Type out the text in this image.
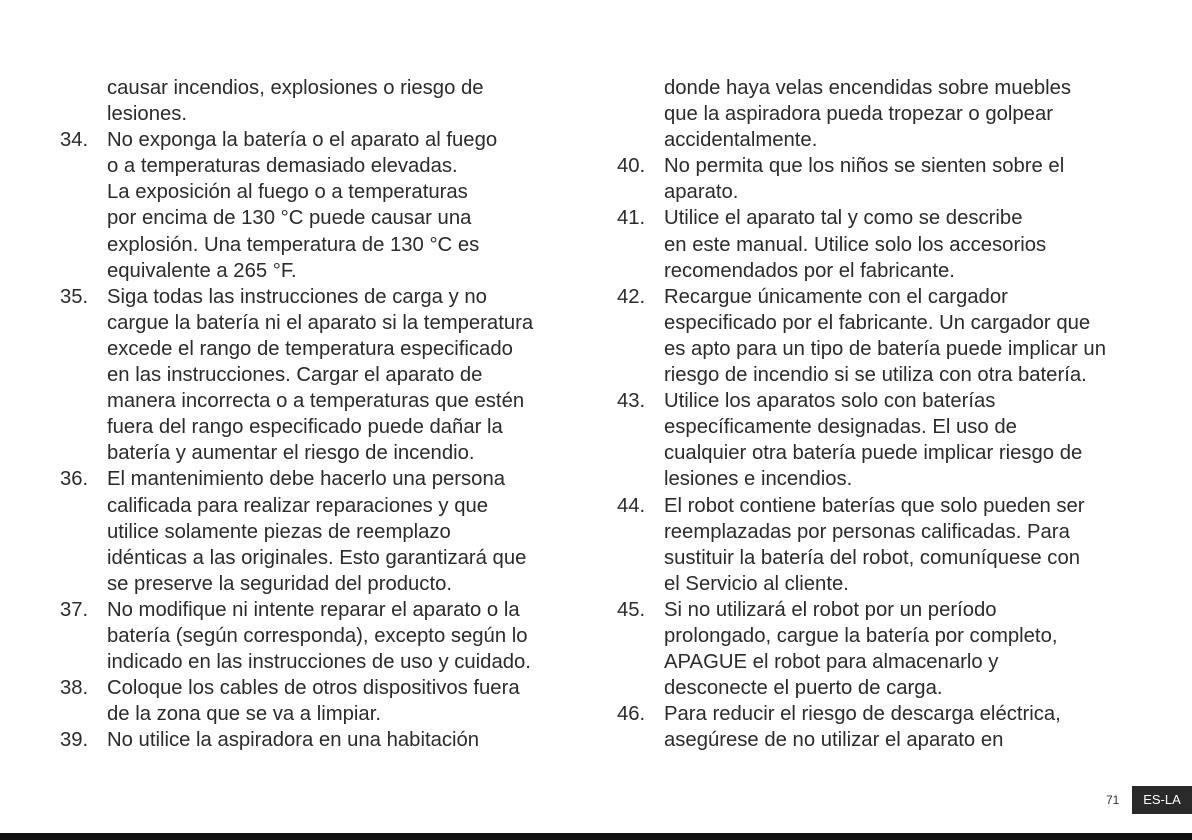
causar incendios, explosiones o riesgo de
lesiones.
34. No exponga la batería o el aparato al fuego
o a temperaturas demasiado elevadas.
La exposición al fuego o a temperaturas
por encima de 130 °C puede causar una
explosión. Una temperatura de 130 °C es
equivalente a 265 °F.
35. Siga todas las instrucciones de carga y no
cargue la batería ni el aparato si la temperatura
excede el rango de temperatura especificado
en las instrucciones. Cargar el aparato de
manera incorrecta o a temperaturas que estén
fuera del rango especificado puede dañar la
batería y aumentar el riesgo de incendio.
36. El mantenimiento debe hacerlo una persona
calificada para realizar reparaciones y que
utilice solamente piezas de reemplazo
idénticas a las originales. Esto garantizará que
se preserve la seguridad del producto.
37. No modifique ni intente reparar el aparato o la
batería (según corresponda), excepto según lo
indicado en las instrucciones de uso y cuidado.
38. Coloque los cables de otros dispositivos fuera
de la zona que se va a limpiar.
39. No utilice la aspiradora en una habitación
donde haya velas encendidas sobre muebles
que la aspiradora pueda tropezar o golpear
accidentalmente.
40. No permita que los niños se sienten sobre el
aparato.
41. Utilice el aparato tal y como se describe
en este manual. Utilice solo los accesorios
recomendados por el fabricante.
42. Recargue únicamente con el cargador
especificado por el fabricante. Un cargador que
es apto para un tipo de batería puede implicar un
riesgo de incendio si se utiliza con otra batería.
43. Utilice los aparatos solo con baterías
específicamente designadas. El uso de
cualquier otra batería puede implicar riesgo de
lesiones e incendios.
44. El robot contiene baterías que solo pueden ser
reemplazadas por personas calificadas. Para
sustituir la batería del robot, comuníquese con
el Servicio al cliente.
45. Si no utilizará el robot por un período
prolongado, cargue la batería por completo,
APAGUE el robot para almacenarlo y
desconecte el puerto de carga.
46. Para reducir el riesgo de descarga eléctrica,
asegúrese de no utilizar el aparato en
71	ES-LA
